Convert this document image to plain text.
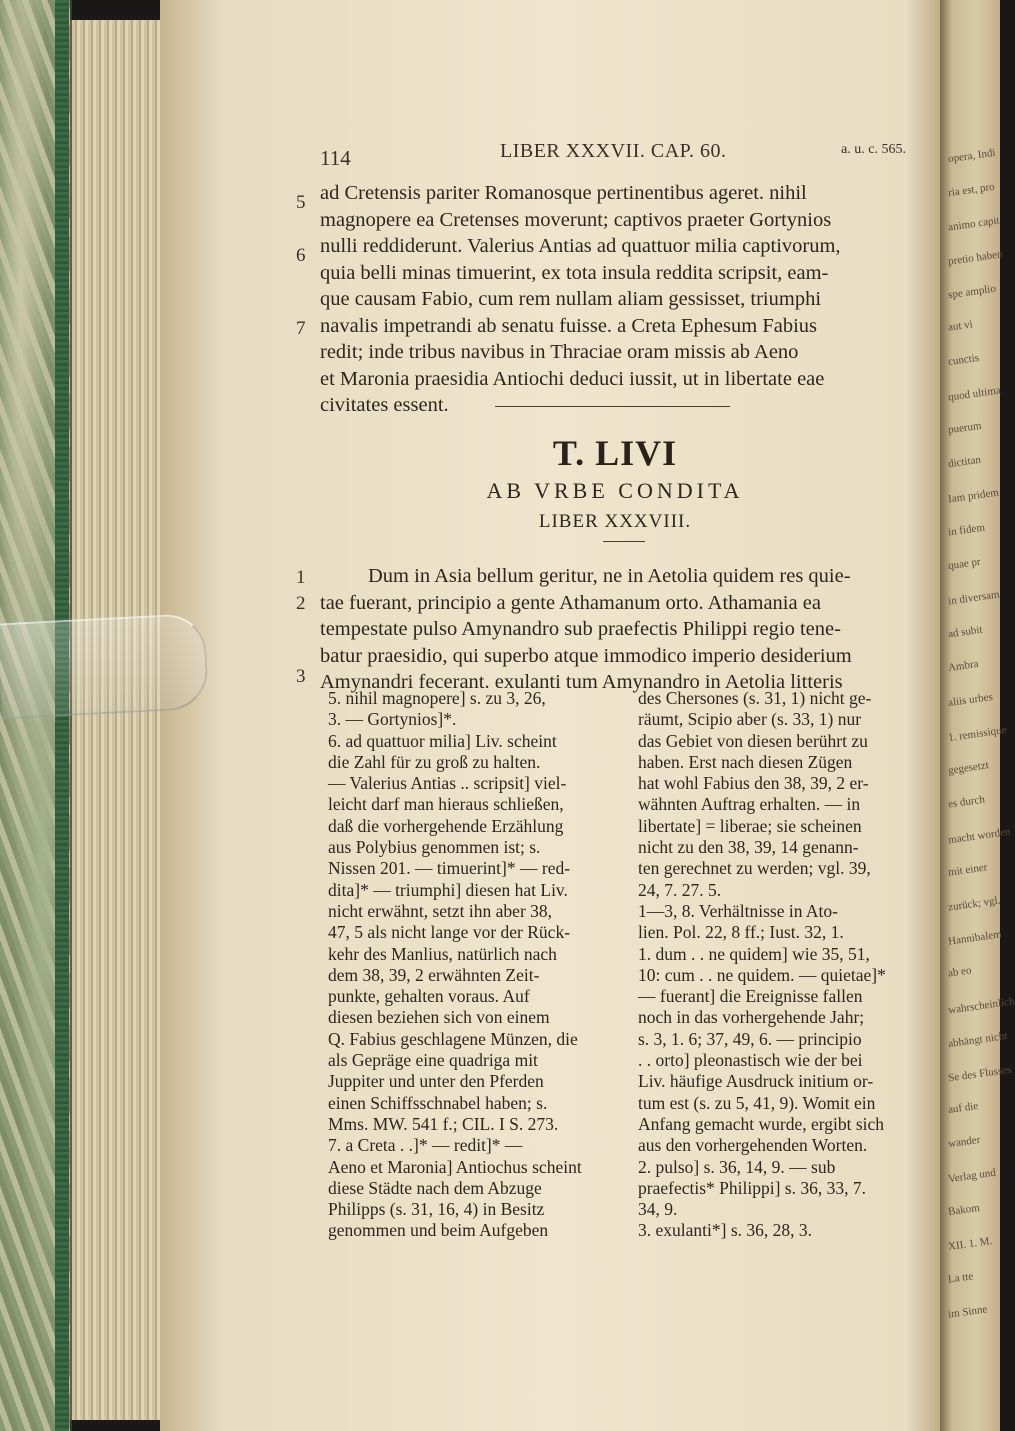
opera, Indi
ria est, pro
animo capit
pretio haben
spe amplio
aut vi
cunctis
quod ultima
puerum
dictitan
Iam pridem
in fidem
quae pr
in diversam
ad subit
Ambra
aliis urbes
1. remissique
gegesetzt
es durch
macht worden
mit einer
zurück; vgl.
Hannibalem
ab eo
wahrscheinlich
abhängt nicht
Se des Flusses
auf die
wander
Verlag und
Bakom
XII. 1. M.
La tte
im Sinne
114	LIBER XXXVII. CAP. 60.	a. u. c. 565.
5
6
7

ad Cretensis pariter Romanosque pertinentibus ageret. nihil

magnopere ea Cretenses moverunt; captivos praeter Gortynios

nulli reddiderunt. Valerius Antias ad quattuor milia captivorum,

quia belli minas timuerint, ex tota insula reddita scripsit, eam-

que causam Fabio, cum rem nullam aliam gessisset, triumphi

navalis impetrandi ab senatu fuisse. a Creta Ephesum Fabius

redit; inde tribus navibus in Thraciae oram missis ab Aeno

et Maronia praesidia Antiochi deduci iussit, ut in libertate eae

civitates essent.

T. LIVI
AB VRBE CONDITA
LIBER XXXVIII.
1
2
3

Dum in Asia bellum geritur, ne in Aetolia quidem res quie-

tae fuerant, principio a gente Athamanum orto. Athamania ea

tempestate pulso Amynandro sub praefectis Philippi regio tene-

batur praesidio, qui superbo atque immodico imperio desiderium

Amynandri fecerant. exulanti tum Amynandro in Aetolia litteris

5. nihil magnopere] s. zu 3, 26,

3. — Gortynios]*.

6. ad quattuor milia] Liv. scheint

die Zahl für zu groß zu halten.

— Valerius Antias .. scripsit] viel-

leicht darf man hieraus schließen,

daß die vorhergehende Erzählung

aus Polybius genommen ist; s.

Nissen 201. — timuerint]* — red-

dita]* — triumphi] diesen hat Liv.

nicht erwähnt, setzt ihn aber 38,

47, 5 als nicht lange vor der Rück-

kehr des Manlius, natürlich nach

dem 38, 39, 2 erwähnten Zeit-

punkte, gehalten voraus. Auf

diesen beziehen sich von einem

Q. Fabius geschlagene Münzen, die

als Gepräge eine quadriga mit

Juppiter und unter den Pferden

einen Schiffsschnabel haben; s.

Mms. MW. 541 f.; CIL. I S. 273.

7. a Creta . .]* — redit]* —

Aeno et Maronia] Antiochus scheint

diese Städte nach dem Abzuge

Philipps (s. 31, 16, 4) in Besitz

genommen und beim Aufgeben

des Chersones (s. 31, 1) nicht ge-

räumt, Scipio aber (s. 33, 1) nur

das Gebiet von diesen berührt zu

haben. Erst nach diesen Zügen

hat wohl Fabius den 38, 39, 2 er-

wähnten Auftrag erhalten. — in

libertate] = liberae; sie scheinen

nicht zu den 38, 39, 14 genann-

ten gerechnet zu werden; vgl. 39,

24, 7. 27. 5.

1—3, 8. Verhältnisse in Ato-

lien. Pol. 22, 8 ff.; Iust. 32, 1.

1. dum . . ne quidem] wie 35, 51,

10: cum . . ne quidem. — quietae]*

— fuerant] die Ereignisse fallen

noch in das vorhergehende Jahr;

s. 3, 1. 6; 37, 49, 6. — principio

. . orto] pleonastisch wie der bei

Liv. häufige Ausdruck initium or-

tum est (s. zu 5, 41, 9). Womit ein

Anfang gemacht wurde, ergibt sich

aus den vorhergehenden Worten.

2. pulso] s. 36, 14, 9. — sub

praefectis* Philippi] s. 36, 33, 7.

34, 9.

3. exulanti*] s. 36, 28, 3.
